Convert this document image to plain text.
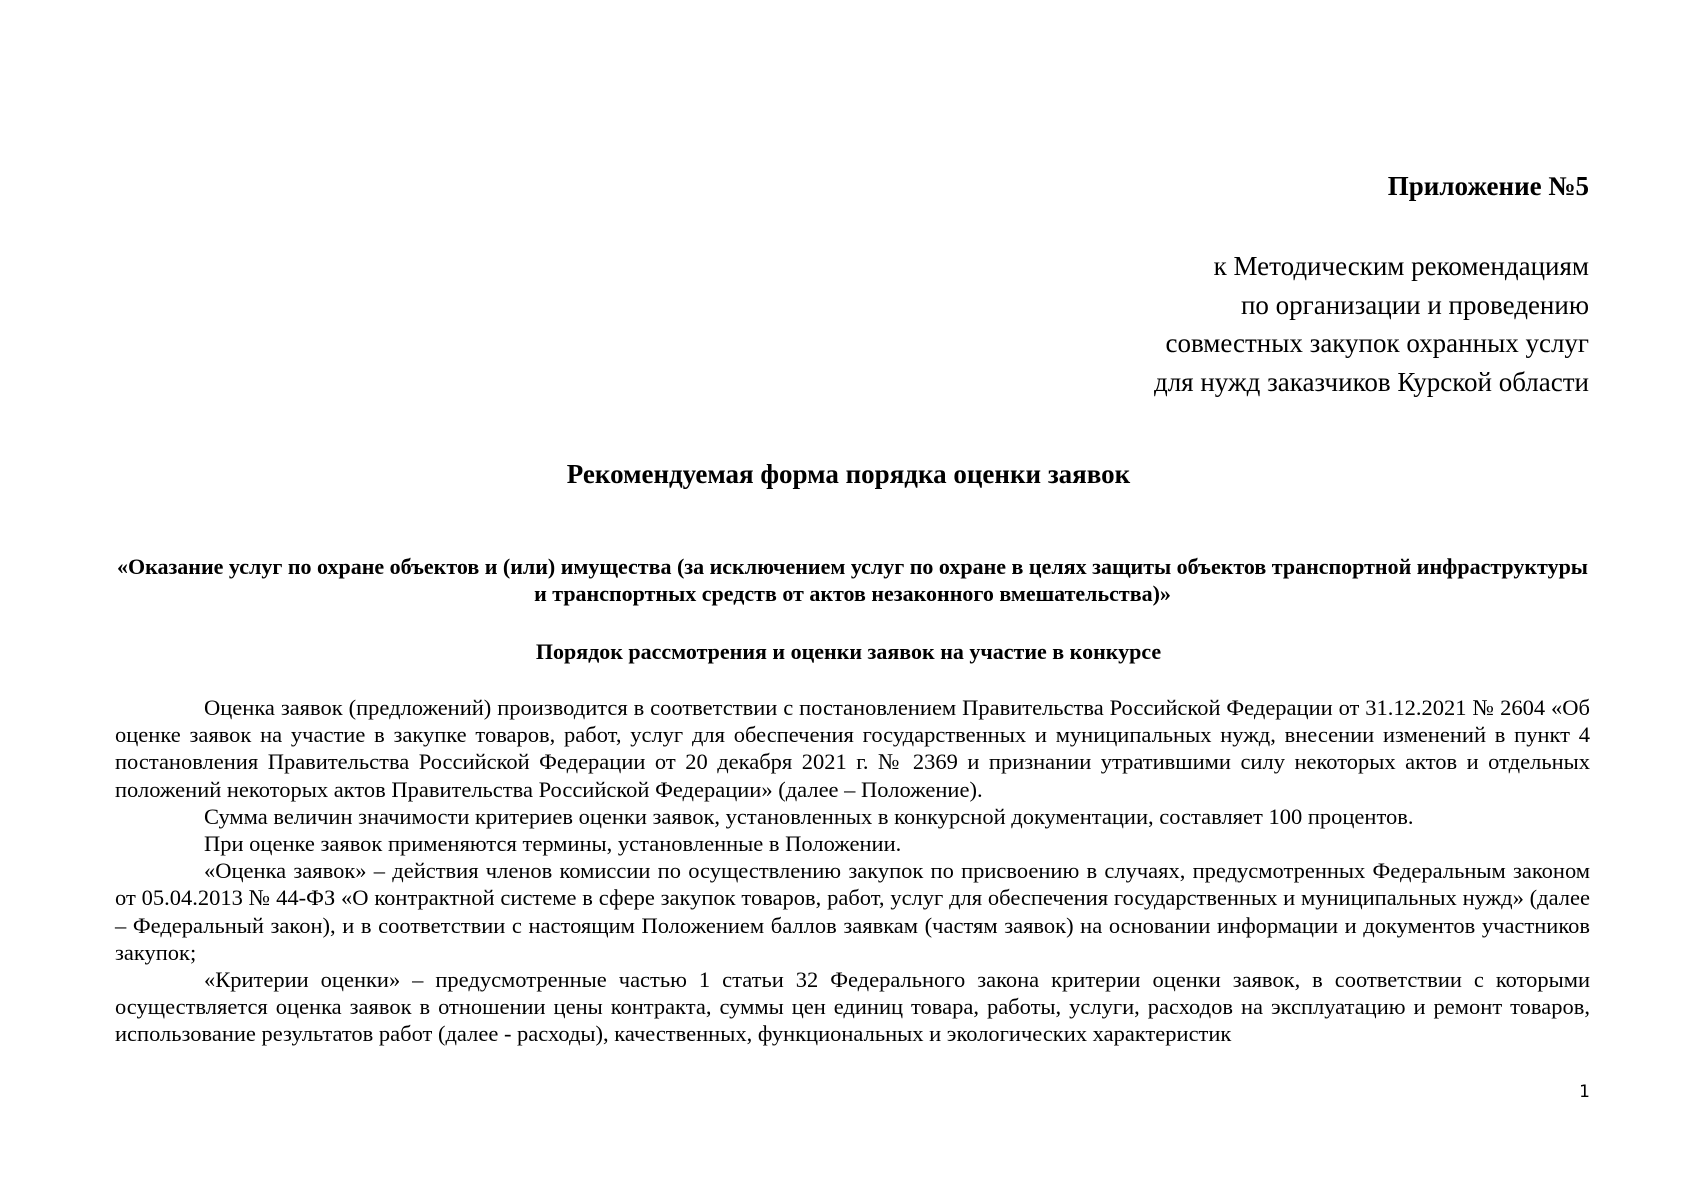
Приложение №5
к Методическим рекомендациям
по организации и проведению
совместных закупок охранных услуг
для нужд заказчиков Курской области
Рекомендуемая форма порядка оценки заявок
«Оказание услуг по охране объектов и (или) имущества (за исключением услуг по охране в целях защиты объектов транспортной инфраструктуры и транспортных средств от актов незаконного вмешательства)»
Порядок рассмотрения и оценки заявок на участие в конкурсе

Оценка заявок (предложений) производится в соответствии с постановлением Правительства Российской Федерации от 31.12.2021 № 2604 «Об оценке заявок на участие в закупке товаров, работ, услуг для обеспечения государственных и муниципальных нужд, внесении изменений в пункт 4 постановления Правительства Российской Федерации от 20 декабря 2021 г. № 2369 и признании утратившими силу некоторых актов и отдельных положений некоторых актов Правительства Российской Федерации» (далее – Положение).

Сумма величин значимости критериев оценки заявок, установленных в конкурсной документации, составляет 100 процентов.

При оценке заявок применяются термины, установленные в Положении.

«Оценка заявок» – действия членов комиссии по осуществлению закупок по присвоению в случаях, предусмотренных Федеральным законом от 05.04.2013 № 44-ФЗ «О контрактной системе в сфере закупок товаров, работ, услуг для обеспечения государственных и муниципальных нужд» (далее – Федеральный закон), и в соответствии с настоящим Положением баллов заявкам (частям заявок) на основании информации и документов участников закупок;

«Критерии оценки» – предусмотренные частью 1 статьи 32 Федерального закона критерии оценки заявок, в соответствии с которыми осуществляется оценка заявок в отношении цены контракта, суммы цен единиц товара, работы, услуги, расходов на эксплуатацию и ремонт товаров, использование результатов работ (далее - расходы), качественных, функциональных и экологических характеристик

1
